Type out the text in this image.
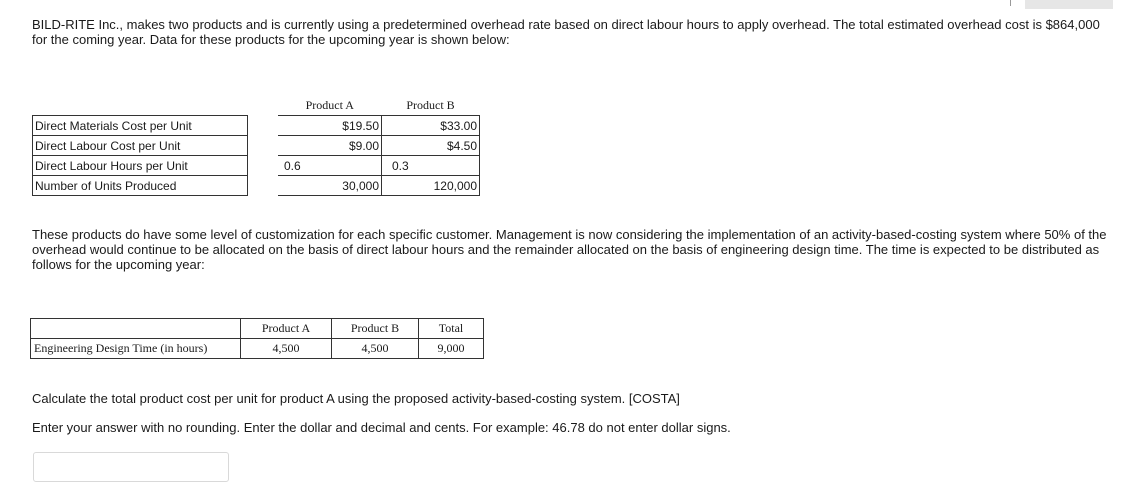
BILD-RITE Inc., makes two products and is currently using a predetermined overhead rate based on direct labour hours to apply overhead. The total estimated overhead cost is $864,000 for the coming year. Data for these products for the upcoming year is shown below:

		Product A	Product B
Direct Materials Cost per Unit		$19.50	$33.00
Direct Labour Cost per Unit		$9.00	$4.50
Direct Labour Hours per Unit		0.6	0.3
Number of Units Produced		30,000	120,000

These products do have some level of customization for each specific customer. Management is now considering the implementation of an activity-based-costing system where 50% of the overhead would continue to be allocated on the basis of direct labour hours and the remainder allocated on the basis of engineering design time. The time is expected to be distributed as follows for the upcoming year:

	Product A	Product B	Total
Engineering Design Time (in hours)	4,500	4,500	9,000

Calculate the total product cost per unit for product A using the proposed activity-based-costing system. [COSTA]

Enter your answer with no rounding. Enter the dollar and decimal and cents. For example: 46.78 do not enter dollar signs.
